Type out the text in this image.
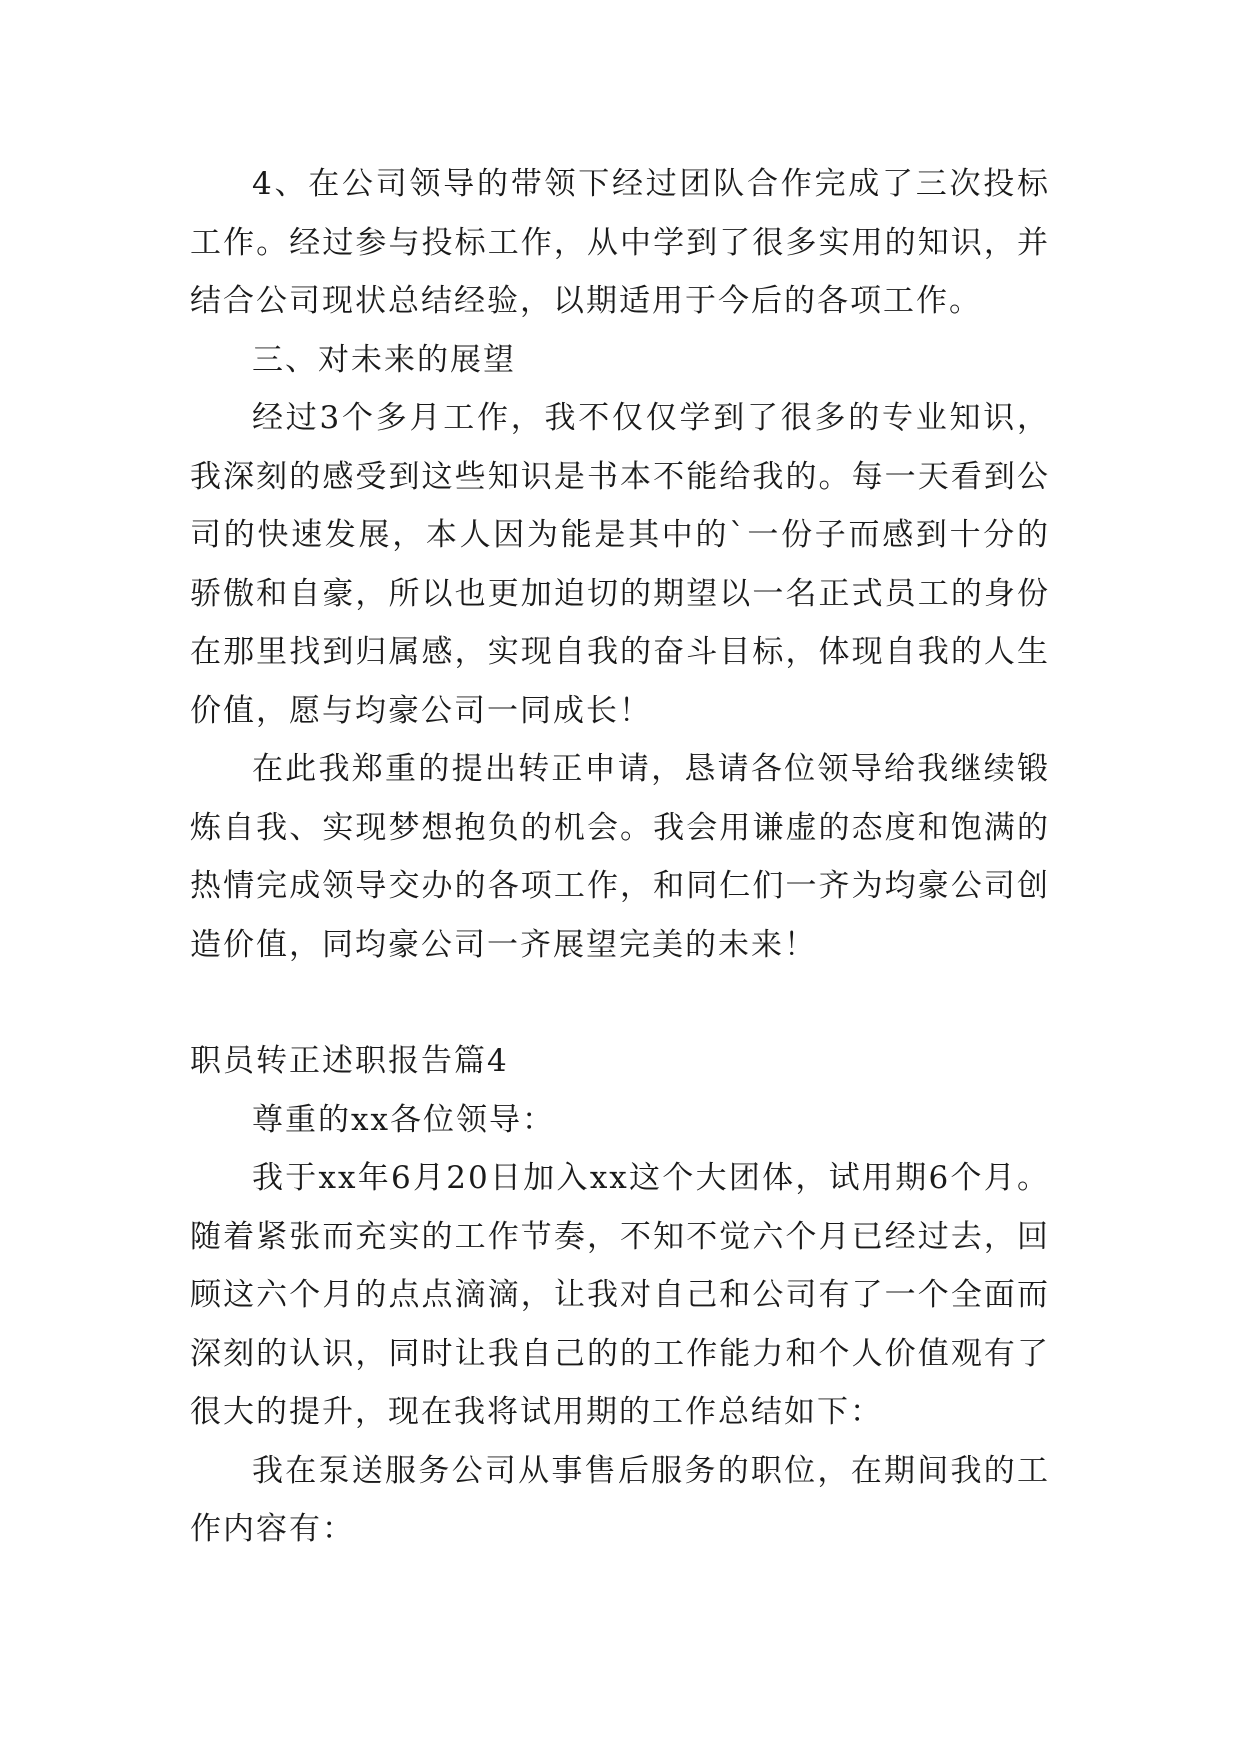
4、在公司领导的带领下经过团队合作完成了三次投标工作。经过参与投标工作，从中学到了很多实用的知识，并结合公司现状总结经验，以期适用于今后的各项工作。

三、对未来的展望

经过3个多月工作，我不仅仅学到了很多的专业知识，我深刻的感受到这些知识是书本不能给我的。每一天看到公司的快速发展，本人因为能是其中的`一份子而感到十分的骄傲和自豪，所以也更加迫切的期望以一名正式员工的身份在那里找到归属感，实现自我的奋斗目标，体现自我的人生价值，愿与均豪公司一同成长！

在此我郑重的提出转正申请，恳请各位领导给我继续锻炼自我、实现梦想抱负的机会。我会用谦虚的态度和饱满的热情完成领导交办的各项工作，和同仁们一齐为均豪公司创造价值，同均豪公司一齐展望完美的未来！

职员转正述职报告篇4

尊重的xx各位领导：

我于xx年6月20日加入xx这个大团体，试用期6个月。随着紧张而充实的工作节奏，不知不觉六个月已经过去，回顾这六个月的点点滴滴，让我对自己和公司有了一个全面而深刻的认识，同时让我自己的的工作能力和个人价值观有了很大的提升，现在我将试用期的工作总结如下：

我在泵送服务公司从事售后服务的职位，在期间我的工作内容有：
